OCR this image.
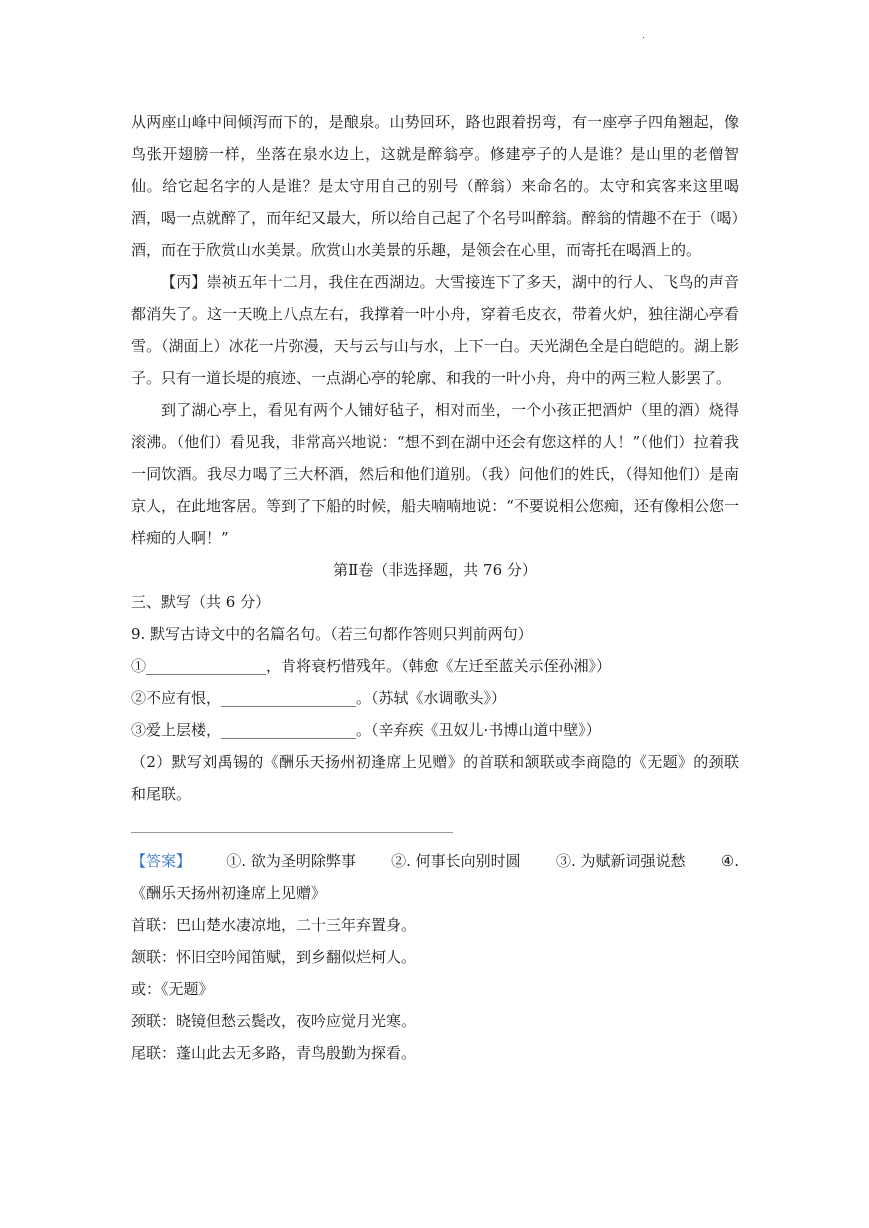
.

从两座山峰中间倾泻而下的，是酿泉。山势回环，路也跟着拐弯，有一座亭子四角翘起，像鸟张开翅膀一样，坐落在泉水边上，这就是醉翁亭。修建亭子的人是谁？是山里的老僧智仙。给它起名字的人是谁？是太守用自己的别号（醉翁）来命名的。太守和宾客来这里喝酒，喝一点就醉了，而年纪又最大，所以给自己起了个名号叫醉翁。醉翁的情趣不在于（喝）酒，而在于欣赏山水美景。欣赏山水美景的乐趣，是领会在心里，而寄托在喝酒上的。

【丙】崇祯五年十二月，我住在西湖边。大雪接连下了多天，湖中的行人、飞鸟的声音都消失了。这一天晚上八点左右，我撑着一叶小舟，穿着毛皮衣，带着火炉，独往湖心亭看雪。（湖面上）冰花一片弥漫，天与云与山与水，上下一白。天光湖色全是白皑皑的。湖上影子。只有一道长堤的痕迹、一点湖心亭的轮廓、和我的一叶小舟，舟中的两三粒人影罢了。

到了湖心亭上，看见有两个人铺好毡子，相对而坐，一个小孩正把酒炉（里的酒）烧得滚沸。（他们）看见我，非常高兴地说：“想不到在湖中还会有您这样的人！”（他们）拉着我一同饮酒。我尽力喝了三大杯酒，然后和他们道别。（我）问他们的姓氏，（得知他们）是南京人，在此地客居。等到了下船的时候，船夫喃喃地说：“不要说相公您痴，还有像相公您一样痴的人啊！”

第Ⅱ卷（非选择题，共 76 分）

三、默写（共 6 分）

9. 默写古诗文中的名篇名句。（若三句都作答则只判前两句）

①________________，肯将衰朽惜残年。（韩愈《左迁至蓝关示侄孙湘》）

②不应有恨，__________________。（苏轼《水调歌头》）

③爱上层楼，__________________。（辛弃疾《丑奴儿·书博山道中壁》）

（2）默写刘禹锡的《酬乐天扬州初逢席上见赠》的首联和颔联或李商隐的《无题》的颈联和尾联。

【答案】 ①. 欲为圣明除弊事 ②. 何事长向别时圆 ③. 为赋新词强说愁 ④.

《酬乐天扬州初逢席上见赠》

首联：巴山楚水凄凉地，二十三年弃置身。

颔联：怀旧空吟闻笛赋，到乡翻似烂柯人。

或：《无题》

颈联：晓镜但愁云鬓改，夜吟应觉月光寒。

尾联：蓬山此去无多路，青鸟殷勤为探看。
